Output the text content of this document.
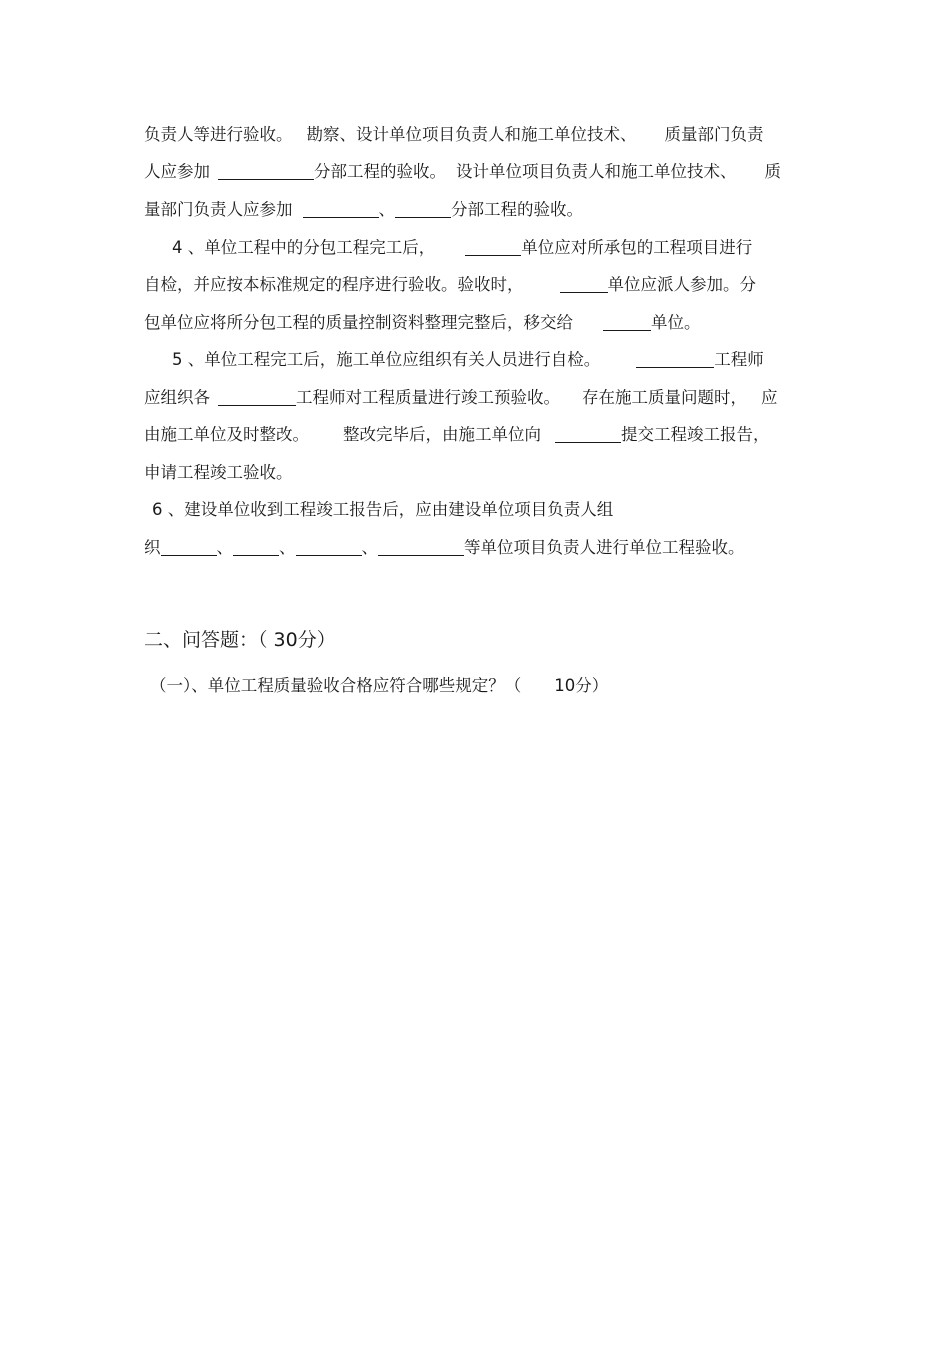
负责人等进行验收。 勘察、设计单位项目负责人和施工单位技术、 质量部门负责
人应参加	分部工程的验收。 设计单位项目负责人和施工单位技术、 质
量部门负责人应参加	、	分部工程的验收。
4 、单位工程中的分包工程完工后，	单位应对所承包的工程项目进行
自检，并应按本标准规定的程序进行验收。验收时，	单位应派人参加。分
包单位应将所分包工程的质量控制资料整理完整后，移交给	单位。
5 、单位工程完工后，施工单位应组织有关人员进行自检。	工程师
应组织各	工程师对工程质量进行竣工预验收。 存在施工质量问题时， 应
由施工单位及时整改。 整改完毕后，由施工单位向	提交工程竣工报告，
申请工程竣工验收。
6 、建设单位收到工程竣工报告后，应由建设单位项目负责人组
织	、	、	、	等单位项目负责人进行单位工程验收。
二、问答题：（ 30分）
（一）、单位工程质量验收合格应符合哪些规定？（　　10分）
